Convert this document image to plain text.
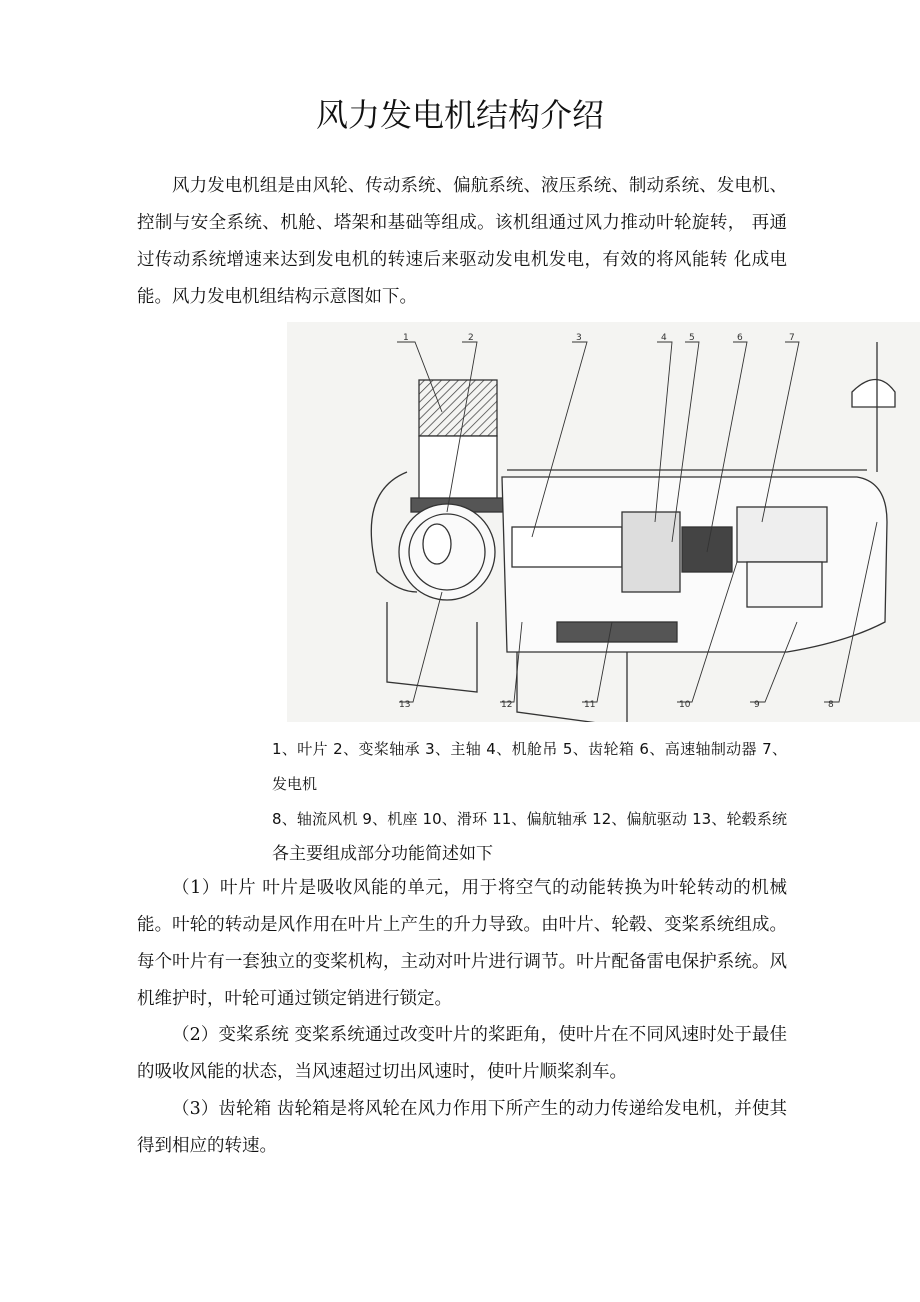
风力发电机结构介绍

风力发电机组是由风轮、传动系统、偏航系统、液压系统、制动系统、发电机、控制与安全系统、机舱、塔架和基础等组成。该机组通过风力推动叶轮旋转， 再通过传动系统增速来达到发电机的转速后来驱动发电机发电，有效的将风能转 化成电能。风力发电机组结构示意图如下。

1	2	3	4 5	6	7
8
9
10
11
12
13
1、叶片 2、变桨轴承 3、主轴 4、机舱吊 5、齿轮箱 6、高速轴制动器 7、发电机
8、轴流风机 9、机座 10、滑环 11、偏航轴承 12、偏航驱动 13、轮毂系统 各主要组成部分功能简述如下

（1）叶片 叶片是吸收风能的单元，用于将空气的动能转换为叶轮转动的机械能。叶轮的转动是风作用在叶片上产生的升力导致。由叶片、轮毂、变桨系统组成。每个叶片有一套独立的变桨机构，主动对叶片进行调节。叶片配备雷电保护系统。风机维护时，叶轮可通过锁定销进行锁定。

（2）变桨系统 变桨系统通过改变叶片的桨距角，使叶片在不同风速时处于最佳的吸收风能的状态，当风速超过切出风速时，使叶片顺桨刹车。

（3）齿轮箱 齿轮箱是将风轮在风力作用下所产生的动力传递给发电机，并使其得到相应的转速。
